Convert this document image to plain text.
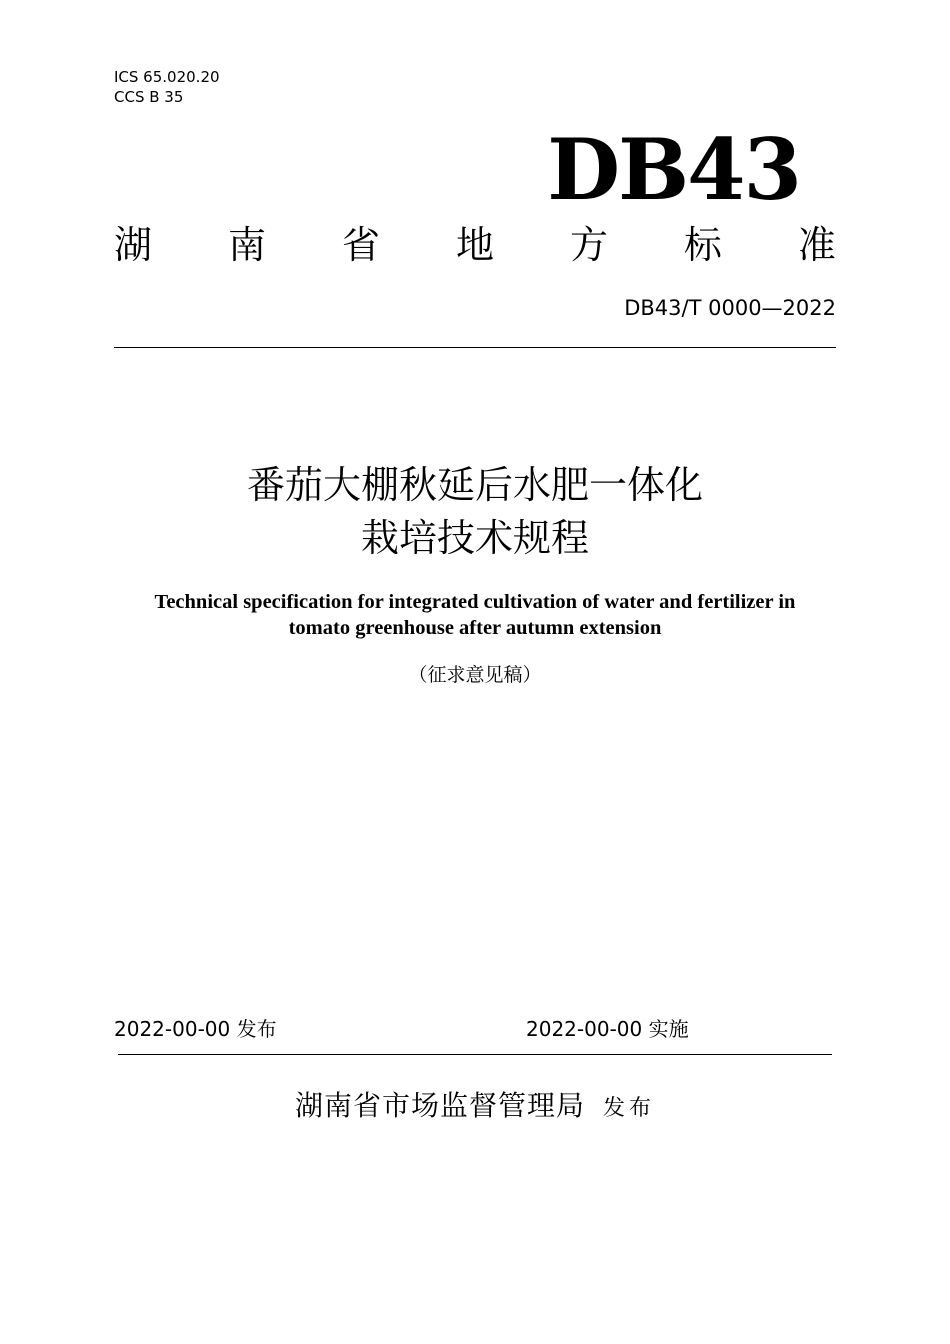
ICS 65.020.20
CCS B 35
DB43
湖 南 省 地 方 标 准
DB43/T 0000—2022
番茄大棚秋延后水肥一体化
栽培技术规程
Technical specification for integrated cultivation of water and fertilizer in
tomato greenhouse after autumn extension
（征求意见稿）
2022-00-00 发布	2022-00-00 实施
湖南省市场监督管理局 发布
